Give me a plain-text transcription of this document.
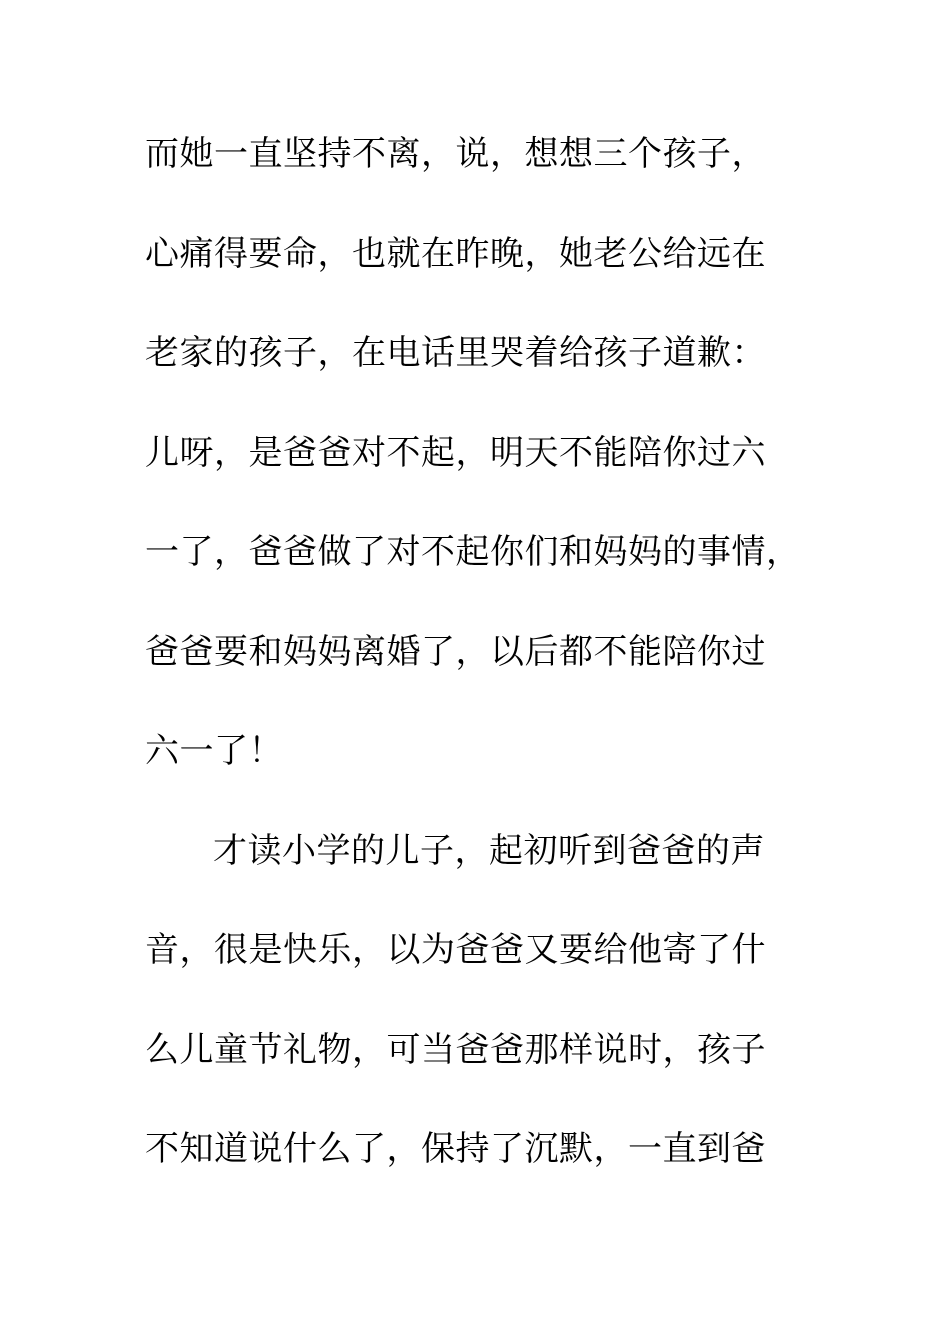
而她一直坚持不离，说，想想三个孩子，
心痛得要命，也就在昨晚，她老公给远在
老家的孩子，在电话里哭着给孩子道歉：
儿呀，是爸爸对不起，明天不能陪你过六
一了，爸爸做了对不起你们和妈妈的事情，
爸爸要和妈妈离婚了，以后都不能陪你过
六一了！
才读小学的儿子，起初听到爸爸的声
音，很是快乐，以为爸爸又要给他寄了什
么儿童节礼物，可当爸爸那样说时，孩子
不知道说什么了，保持了沉默，一直到爸
